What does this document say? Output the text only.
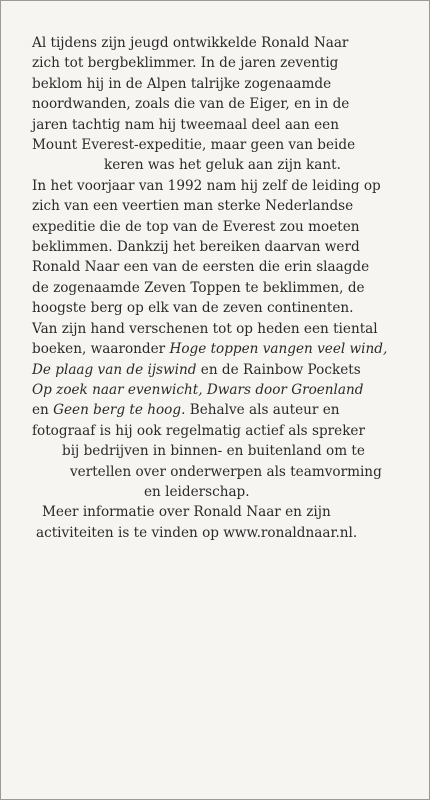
Al tijdens zijn jeugd ontwikkelde Ronald Naar
zich tot bergbeklimmer. In de jaren zeventig
beklom hij in de Alpen talrijke zogenaamde
noordwanden, zoals die van de Eiger, en in de
jaren tachtig nam hij tweemaal deel aan een
Mount Everest-expeditie, maar geen van beide
keren was het geluk aan zijn kant.
In het voorjaar van 1992 nam hij zelf de leiding op
zich van een veertien man sterke Nederlandse
expeditie die de top van de Everest zou moeten
beklimmen. Dankzij het bereiken daarvan werd
Ronald Naar een van de eersten die erin slaagde
de zogenaamde Zeven Toppen te beklimmen, de
hoogste berg op elk van de zeven continenten.
Van zijn hand verschenen tot op heden een tiental
boeken, waaronder Hoge toppen vangen veel wind,
De plaag van de ijswind en de Rainbow Pockets
Op zoek naar evenwicht, Dwars door Groenland
en Geen berg te hoog. Behalve als auteur en
fotograaf is hij ook regelmatig actief als spreker
bij bedrijven in binnen- en buitenland om te
vertellen over onderwerpen als teamvorming
en leiderschap.
Meer informatie over Ronald Naar en zijn
activiteiten is te vinden op www.ronaldnaar.nl.
